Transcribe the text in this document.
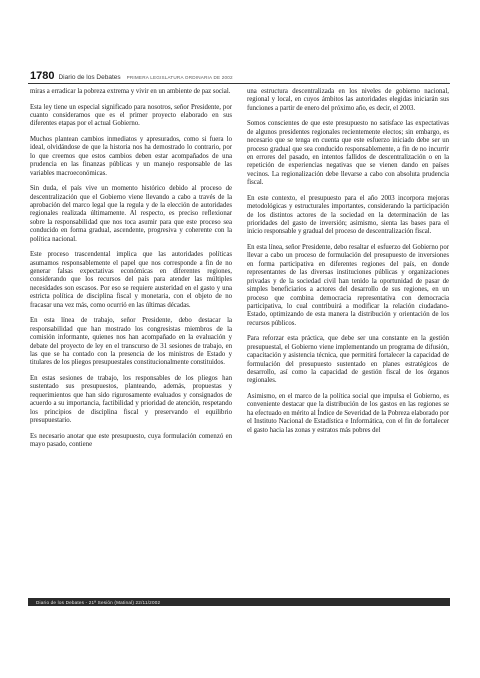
1780 Diario de los Debates PRIMERA LEGISLATURA ORDINARIA DE 2002

miras a erradicar la pobreza extrema y vivir en un ambiente de paz social.

Esta ley tiene un especial significado para nosotros, señor Presidente, por cuanto consideramos que es el primer proyecto elaborado en sus diferentes etapas por el actual Gobierno.

Muchos plantean cambios inmediatos y apresurados, como si fuera lo ideal, olvidándose de que la historia nos ha demostrado lo contrario, por lo que creemos que estos cambios deben estar acompañados de una prudencia en las finanzas públicas y un manejo responsable de las variables macroeconómicas.

Sin duda, el país vive un momento histórico debido al proceso de descentralización que el Gobierno viene llevando a cabo a través de la aprobación del marco legal que la regula y de la elección de autoridades regionales realizada últimamente. Al respecto, es preciso reflexionar sobre la responsabilidad que nos toca asumir para que este proceso sea conducido en forma gradual, ascendente, progresiva y coherente con la política nacional.

Este proceso trascendental implica que las autoridades políticas asumamos responsablemente el papel que nos corresponde a fin de no generar falsas expectativas económicas en diferentes regiones, considerando que los recursos del país para atender las múltiples necesidades son escasos. Por eso se requiere austeridad en el gasto y una estricta política de disciplina fiscal y monetaria, con el objeto de no fracasar una vez más, como ocurrió en las últimas décadas.

En esta línea de trabajo, señor Presidente, debo destacar la responsabilidad que han mostrado los congresistas miembros de la comisión informante, quienes nos han acompañado en la evaluación y debate del proyecto de ley en el transcurso de 31 sesiones de trabajo, en las que se ha contado con la presencia de los ministros de Estado y titulares de los pliegos presupuestales constitucionalmente constituidos.

En estas sesiones de trabajo, los responsables de los pliegos han sustentado sus presupuestos, planteando, además, propuestas y requerimientos que han sido rigurosamente evaluados y consignados de acuerdo a su importancia, factibilidad y prioridad de atención, respetando los principios de disciplina fiscal y preservando el equilibrio presupuestario.

Es necesario anotar que este presupuesto, cuya formulación comenzó en mayo pasado, contiene

una estructura descentralizada en los niveles de gobierno nacional, regional y local, en cuyos ámbitos las autoridades elegidas iniciarán sus funciones a partir de enero del próximo año, es decir, el 2003.

Somos conscientes de que este presupuesto no satisface las expectativas de algunos presidentes regionales recientemente electos; sin embargo, es necesario que se tenga en cuenta que este esfuerzo iniciado debe ser un proceso gradual que sea conducido responsablemente, a fin de no incurrir en errores del pasado, en intentos fallidos de descentralización o en la repetición de experiencias negativas que se vienen dando en países vecinos. La regionalización debe llevarse a cabo con absoluta prudencia fiscal.

En este contexto, el presupuesto para el año 2003 incorpora mejoras metodológicas y estructurales importantes, considerando la participación de los distintos actores de la sociedad en la determinación de las prioridades del gasto de inversión; asimismo, sienta las bases para el inicio responsable y gradual del proceso de descentralización fiscal.

En esta línea, señor Presidente, debo resaltar el esfuerzo del Gobierno por llevar a cabo un proceso de formulación del presupuesto de inversiones en forma participativa en diferentes regiones del país, en donde representantes de las diversas instituciones públicas y organizaciones privadas y de la sociedad civil han tenido la oportunidad de pasar de simples beneficiarios a actores del desarrollo de sus regiones, en un proceso que combina democracia representativa con democracia participativa, lo cual contribuirá a modificar la relación ciudadano-Estado, optimizando de esta manera la distribución y orientación de los recursos públicos.

Para reforzar esta práctica, que debe ser una constante en la gestión presupuestal, el Gobierno viene implementando un programa de difusión, capacitación y asistencia técnica, que permitirá fortalecer la capacidad de formulación del presupuesto sustentado en planes estratégicos de desarrollo, así como la capacidad de gestión fiscal de los órganos regionales.

Asimismo, en el marco de la política social que impulsa el Gobierno, es conveniente destacar que la distribución de los gastos en las regiones se ha efectuado en mérito al Índice de Severidad de la Pobreza elaborado por el Instituto Nacional de Estadística e Informática, con el fin de fortalecer el gasto hacia las zonas y estratos más pobres del

Diario de los Debates - 21ª Sesión (Matinal) 22/11/2002
